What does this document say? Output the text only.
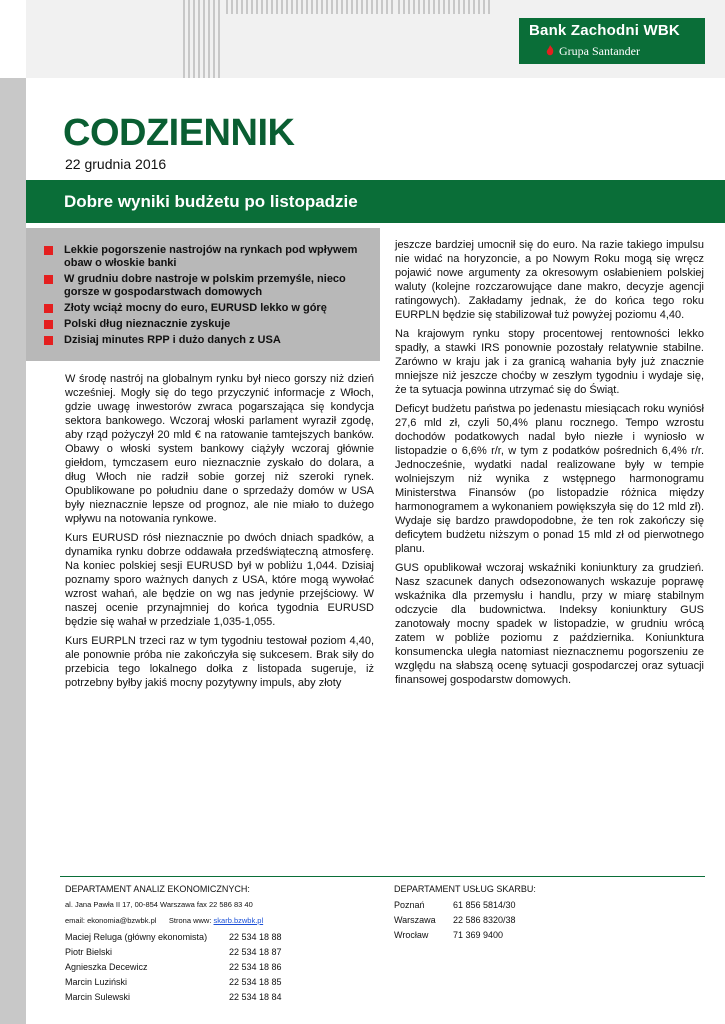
Bank Zachodni WBK
Grupa Santander
CODZIENNIK
22 grudnia 2016
Dobre wyniki budżetu po listopadzie
Lekkie pogorszenie nastrojów na rynkach pod wpływem obaw o włoskie banki
W grudniu dobre nastroje w polskim przemyśle, nieco gorsze w gospodarstwach domowych
Złoty wciąż mocny do euro, EURUSD lekko w górę
Polski dług nieznacznie zyskuje
Dzisiaj minutes RPP i dużo danych z USA

W środę nastrój na globalnym rynku był nieco gorszy niż dzień wcześniej. Mogły się do tego przyczynić informacje z Włoch, gdzie uwagę inwestorów zwraca pogarszająca się kondycja sektora bankowego. Wczoraj włoski parlament wyraził zgodę, aby rząd pożyczył 20 mld € na ratowanie tamtejszych banków. Obawy o włoski system bankowy ciążyły wczoraj głównie giełdom, tymczasem euro nieznacznie zyskało do dolara, a dług Włoch nie radził sobie gorzej niż szeroki rynek. Opublikowane po południu dane o sprzedaży domów w USA były nieznacznie lepsze od prognoz, ale nie miało to dużego wpływu na notowania rynkowe.

Kurs EURUSD rósł nieznacznie po dwóch dniach spadków, a dynamika rynku dobrze oddawała przedświąteczną atmosferę. Na koniec polskiej sesji EURUSD był w pobliżu 1,044. Dzisiaj poznamy sporo ważnych danych z USA, które mogą wywołać wzrost wahań, ale będzie on wg nas jedynie przejściowy. W naszej ocenie przynajmniej do końca tygodnia EURUSD będzie się wahał w przedziale 1,035-1,055.

Kurs EURPLN trzeci raz w tym tygodniu testował poziom 4,40, ale ponownie próba nie zakończyła się sukcesem. Brak siły do przebicia tego lokalnego dołka z listopada sugeruje, iż potrzebny byłby jakiś mocny pozytywny impuls, aby złoty

jeszcze bardziej umocnił się do euro. Na razie takiego impulsu nie widać na horyzoncie, a po Nowym Roku mogą się wręcz pojawić nowe argumenty za okresowym osłabieniem polskiej waluty (kolejne rozczarowujące dane makro, decyzje agencji ratingowych). Zakładamy jednak, że do końca tego roku EURPLN będzie się stabilizował tuż powyżej poziomu 4,40.

Na krajowym rynku stopy procentowej rentowności lekko spadły, a stawki IRS ponownie pozostały relatywnie stabilne. Zarówno w kraju jak i za granicą wahania były już znacznie mniejsze niż jeszcze choćby w zeszłym tygodniu i wydaje się, że ta sytuacja powinna utrzymać się do Świąt.

Deficyt budżetu państwa po jedenastu miesiącach roku wyniósł 27,6 mld zł, czyli 50,4% planu rocznego. Tempo wzrostu dochodów podatkowych nadal było niezłe i wyniosło w listopadzie o 6,6% r/r, w tym z podatków pośrednich 6,4% r/r. Jednocześnie, wydatki nadal realizowane były w tempie wolniejszym niż wynika z wstępnego harmonogramu Ministerstwa Finansów (po listopadzie różnica między harmonogramem a wykonaniem powiększyła się do 12 mld zł). Wydaje się bardzo prawdopodobne, że ten rok zakończy się deficytem budżetu niższym o ponad 15 mld zł od pierwotnego planu.

GUS opublikował wczoraj wskaźniki koniunktury za grudzień. Nasz szacunek danych odsezonowanych wskazuje poprawę wskaźnika dla przemysłu i handlu, przy w miarę stabilnym odczycie dla budownictwa. Indeksy koniunktury GUS zanotowały mocny spadek w listopadzie, w grudniu wrócą zatem w pobliże poziomu z października. Koniunktura konsumencka uległa natomiast nieznacznemu pogorszeniu ze względu na słabszą ocenę sytuacji gospodarczej oraz sytuacji finansowej gospodarstw domowych.

DEPARTAMENT ANALIZ EKONOMICZNYCH:
al. Jana Pawła II 17, 00-854 Warszawa fax 22 586 83 40
email: ekonomia@bzwbk.pl Strona www: skarb.bzwbk.pl
Maciej Reluga (główny ekonomista)	22 534 18 88
Piotr Bielski	22 534 18 87
Agnieszka Decewicz	22 534 18 86
Marcin Luziński	22 534 18 85
Marcin Sulewski	22 534 18 84
DEPARTAMENT USŁUG SKARBU:
Poznań	61 856 5814/30
Warszawa	22 586 8320/38
Wrocław	71 369 9400
